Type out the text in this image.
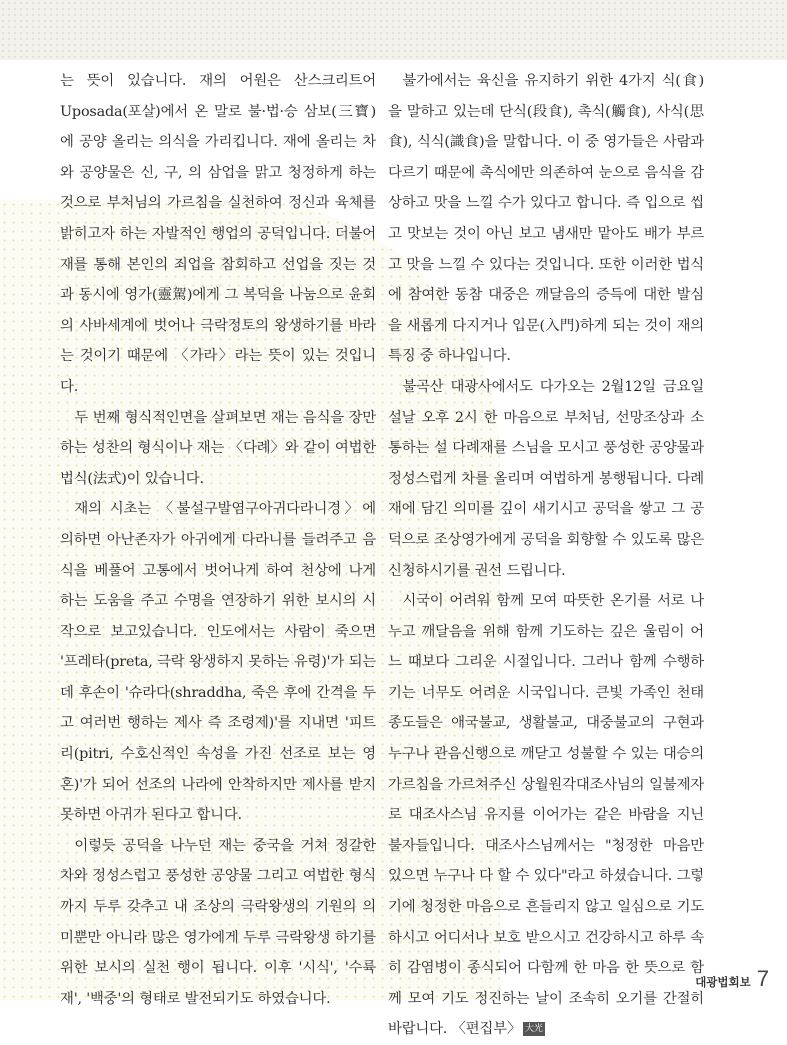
는 뜻이 있습니다. 재의 어원은 산스크리트어 Uposada(포살)에서 온 말로 불·법·승 삼보(三寶)에 공양 올리는 의식을 가리킵니다. 재에 올리는 차와 공양물은 신, 구, 의 삼업을 맑고 청정하게 하는 것으로 부처님의 가르침을 실천하여 정신과 육체를 밝히고자 하는 자발적인 행업의 공덕입니다. 더불어 재를 통해 본인의 죄업을 참회하고 선업을 짓는 것과 동시에 영가(靈駕)에게 그 복덕을 나눔으로 윤회의 사바세계에 벗어나 극락정토의 왕생하기를 바라는 것이기 때문에 〈가라〉라는 뜻이 있는 것입니다.

두 번째 형식적인면을 살펴보면 재는 음식을 장만하는 성찬의 형식이나 재는 〈다례〉와 같이 여법한 법식(法式)이 있습니다.

재의 시초는 〈불설구발염구아귀다라니경〉에 의하면 아난존자가 아귀에게 다라니를 들려주고 음식을 베풀어 고통에서 벗어나게 하여 천상에 나게 하는 도움을 주고 수명을 연장하기 위한 보시의 시작으로 보고있습니다. 인도에서는 사람이 죽으면 '프레타(preta, 극락 왕생하지 못하는 유령)'가 되는데 후손이 '슈라다(shraddha, 죽은 후에 간격을 두고 여러번 행하는 제사 즉 조령제)'를 지내면 '피트리(pitri, 수호신적인 속성을 가진 선조로 보는 영혼)'가 되어 선조의 나라에 안착하지만 제사를 받지 못하면 아귀가 된다고 합니다.

이렇듯 공덕을 나누던 재는 중국을 거쳐 정갈한 차와 정성스럽고 풍성한 공양물 그리고 여법한 형식까지 두루 갖추고 내 조상의 극락왕생의 기원의 의미뿐만 아니라 많은 영가에게 두루 극락왕생 하기를 위한 보시의 실천 행이 됩니다. 이후 '시식', '수륙재', '백중'의 형태로 발전되기도 하였습니다.

불가에서는 육신을 유지하기 위한 4가지 식(食)을 말하고 있는데 단식(段食), 촉식(觸食), 사식(思食), 식식(識食)을 말합니다. 이 중 영가들은 사람과 다르기 때문에 촉식에만 의존하여 눈으로 음식을 감상하고 맛을 느낄 수가 있다고 합니다. 즉 입으로 씹고 맛보는 것이 아닌 보고 냄새만 맡아도 배가 부르고 맛을 느낄 수 있다는 것입니다. 또한 이러한 법식에 참여한 동참 대중은 깨달음의 증득에 대한 발심을 새롭게 다지거나 입문(入門)하게 되는 것이 재의 특징 중 하나입니다.

불곡산 대광사에서도 다가오는 2월12일 금요일 설날 오후 2시 한 마음으로 부처님, 선망조상과 소통하는 설 다례재를 스님을 모시고 풍성한 공양물과 정성스럽게 차를 올리며 여법하게 봉행됩니다. 다례재에 담긴 의미를 깊이 새기시고 공덕을 쌓고 그 공덕으로 조상영가에게 공덕을 회향할 수 있도록 많은 신청하시기를 권선 드립니다.

시국이 어려워 함께 모여 따뜻한 온기를 서로 나누고 깨달음을 위해 함께 기도하는 깊은 울림이 어느 때보다 그리운 시절입니다. 그러나 함께 수행하기는 너무도 어려운 시국입니다. 큰빛 가족인 천태종도들은 애국불교, 생활불교, 대중불교의 구현과 누구나 관음신행으로 깨닫고 성불할 수 있는 대승의 가르침을 가르쳐주신 상월원각대조사님의 일불제자로 대조사스님 유지를 이어가는 같은 바람을 지닌 불자들입니다. 대조사스님께서는 "청정한 마음만 있으면 누구나 다 할 수 있다"라고 하셨습니다. 그렇기에 청정한 마음으로 흔들리지 않고 일심으로 기도하시고 어디서나 보호 받으시고 건강하시고 하루 속히 감염병이 종식되어 다함께 한 마음 한 뜻으로 함께 모여 기도 정진하는 날이 조속히 오기를 간절히 바랍니다. 〈편집부〉 大光

대광법회보 7
